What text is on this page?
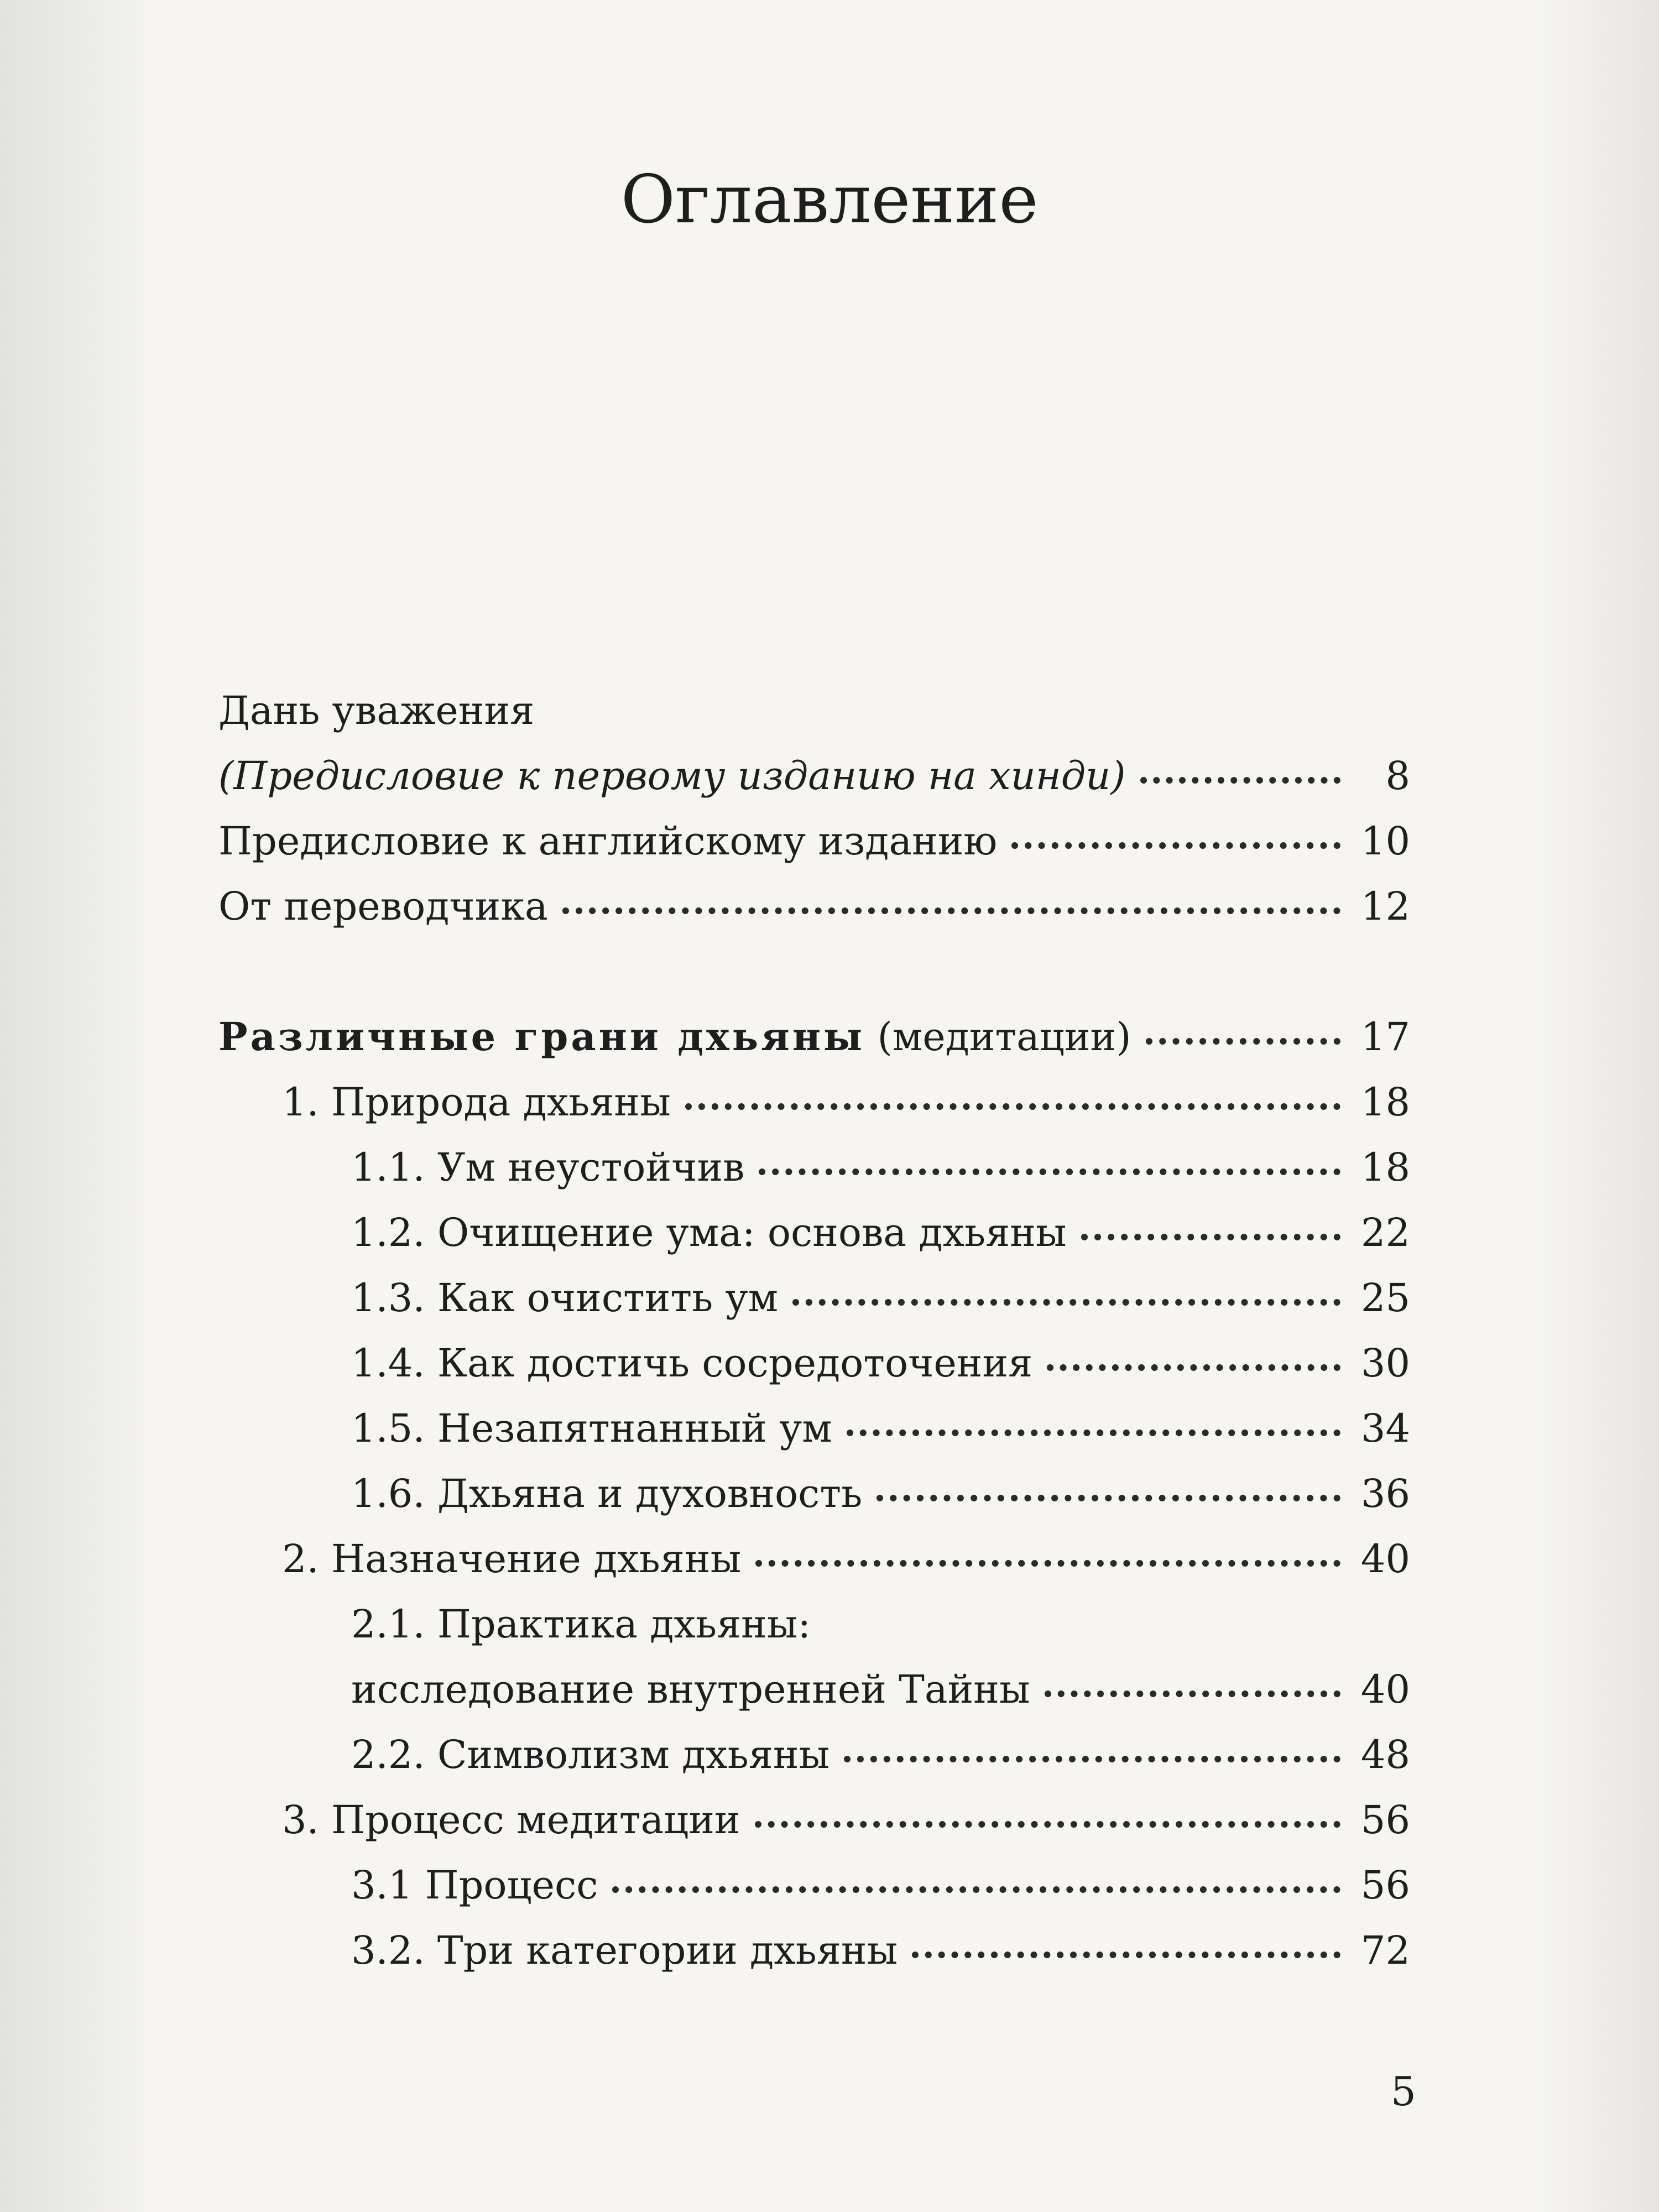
Оглавление
Дань уважения
(Предисловие к первому изданию на хинди)	8
Предисловие к английскому изданию	10
От переводчика	12
Различные грани дхьяны (медитации)	17
1. Природа дхьяны	18
1.1. Ум неустойчив	18
1.2. Очищение ума: основа дхьяны	22
1.3. Как очистить ум	25
1.4. Как достичь сосредоточения	30
1.5. Незапятнанный ум	34
1.6. Дхьяна и духовность	36
2. Назначение дхьяны	40
2.1. Практика дхьяны:
исследование внутренней Тайны	40
2.2. Символизм дхьяны	48
3. Процесс медитации	56
3.1 Процесс	56
3.2. Три категории дхьяны	72
5
